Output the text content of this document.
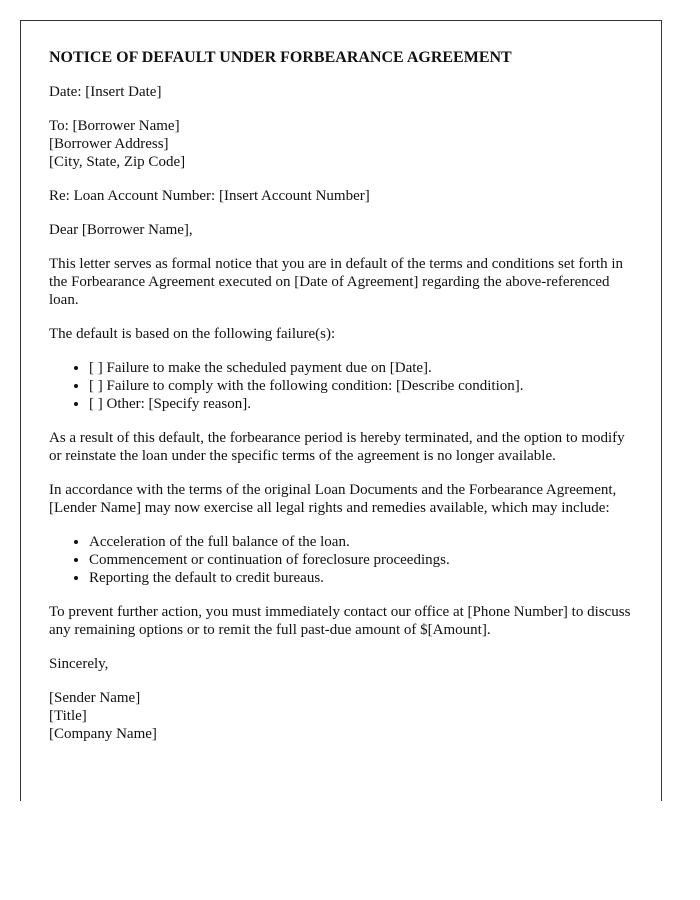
NOTICE OF DEFAULT UNDER FORBEARANCE AGREEMENT

Date: [Insert Date]

To: [Borrower Name]
[Borrower Address]
[City, State, Zip Code]

Re: Loan Account Number: [Insert Account Number]

Dear [Borrower Name],

This letter serves as formal notice that you are in default of the terms and conditions set forth in the Forbearance Agreement executed on [Date of Agreement] regarding the above-referenced loan.

The default is based on the following failure(s):

• [ ] Failure to make the scheduled payment due on [Date].
• [ ] Failure to comply with the following condition: [Describe condition].
• [ ] Other: [Specify reason].

As a result of this default, the forbearance period is hereby terminated, and the option to modify or reinstate the loan under the specific terms of the agreement is no longer available.

In accordance with the terms of the original Loan Documents and the Forbearance Agreement, [Lender Name] may now exercise all legal rights and remedies available, which may include:

• Acceleration of the full balance of the loan.
• Commencement or continuation of foreclosure proceedings.
• Reporting the default to credit bureaus.

To prevent further action, you must immediately contact our office at [Phone Number] to discuss any remaining options or to remit the full past-due amount of $[Amount].

Sincerely,

[Sender Name]
[Title]
[Company Name]
